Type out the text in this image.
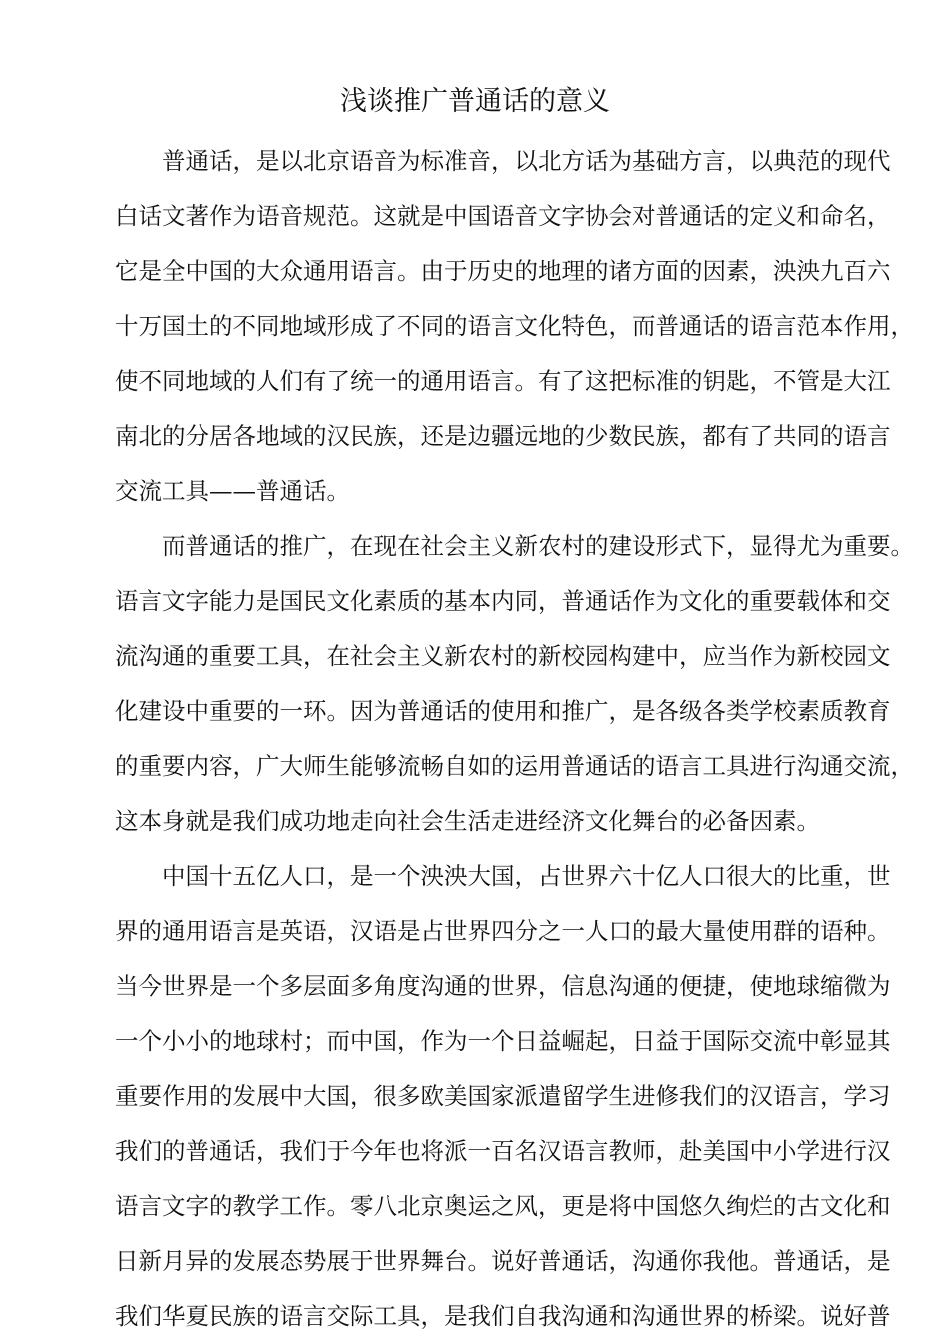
浅谈推广普通话的意义

普通话，是以北京语音为标准音，以北方话为基础方言，以典范的现代
白话文著作为语音规范。这就是中国语音文字协会对普通话的定义和命名，
它是全中国的大众通用语言。由于历史的地理的诸方面的因素，泱泱九百六
十万国土的不同地域形成了不同的语言文化特色，而普通话的语言范本作用，
使不同地域的人们有了统一的通用语言。有了这把标准的钥匙，不管是大江
南北的分居各地域的汉民族，还是边疆远地的少数民族，都有了共同的语言
交流工具——普通话。

而普通话的推广，在现在社会主义新农村的建设形式下，显得尤为重要。
语言文字能力是国民文化素质的基本内同，普通话作为文化的重要载体和交
流沟通的重要工具，在社会主义新农村的新校园构建中，应当作为新校园文
化建设中重要的一环。因为普通话的使用和推广，是各级各类学校素质教育
的重要内容，广大师生能够流畅自如的运用普通话的语言工具进行沟通交流，
这本身就是我们成功地走向社会生活走进经济文化舞台的必备因素。

中国十五亿人口，是一个泱泱大国，占世界六十亿人口很大的比重，世
界的通用语言是英语，汉语是占世界四分之一人口的最大量使用群的语种。
当今世界是一个多层面多角度沟通的世界，信息沟通的便捷，使地球缩微为
一个小小的地球村；而中国，作为一个日益崛起，日益于国际交流中彰显其
重要作用的发展中大国，很多欧美国家派遣留学生进修我们的汉语言，学习
我们的普通话，我们于今年也将派一百名汉语言教师，赴美国中小学进行汉
语言文字的教学工作。零八北京奥运之风，更是将中国悠久绚烂的古文化和
日新月异的发展态势展于世界舞台。说好普通话，沟通你我他。普通话，是
我们华夏民族的语言交际工具，是我们自我沟通和沟通世界的桥梁。说好普
